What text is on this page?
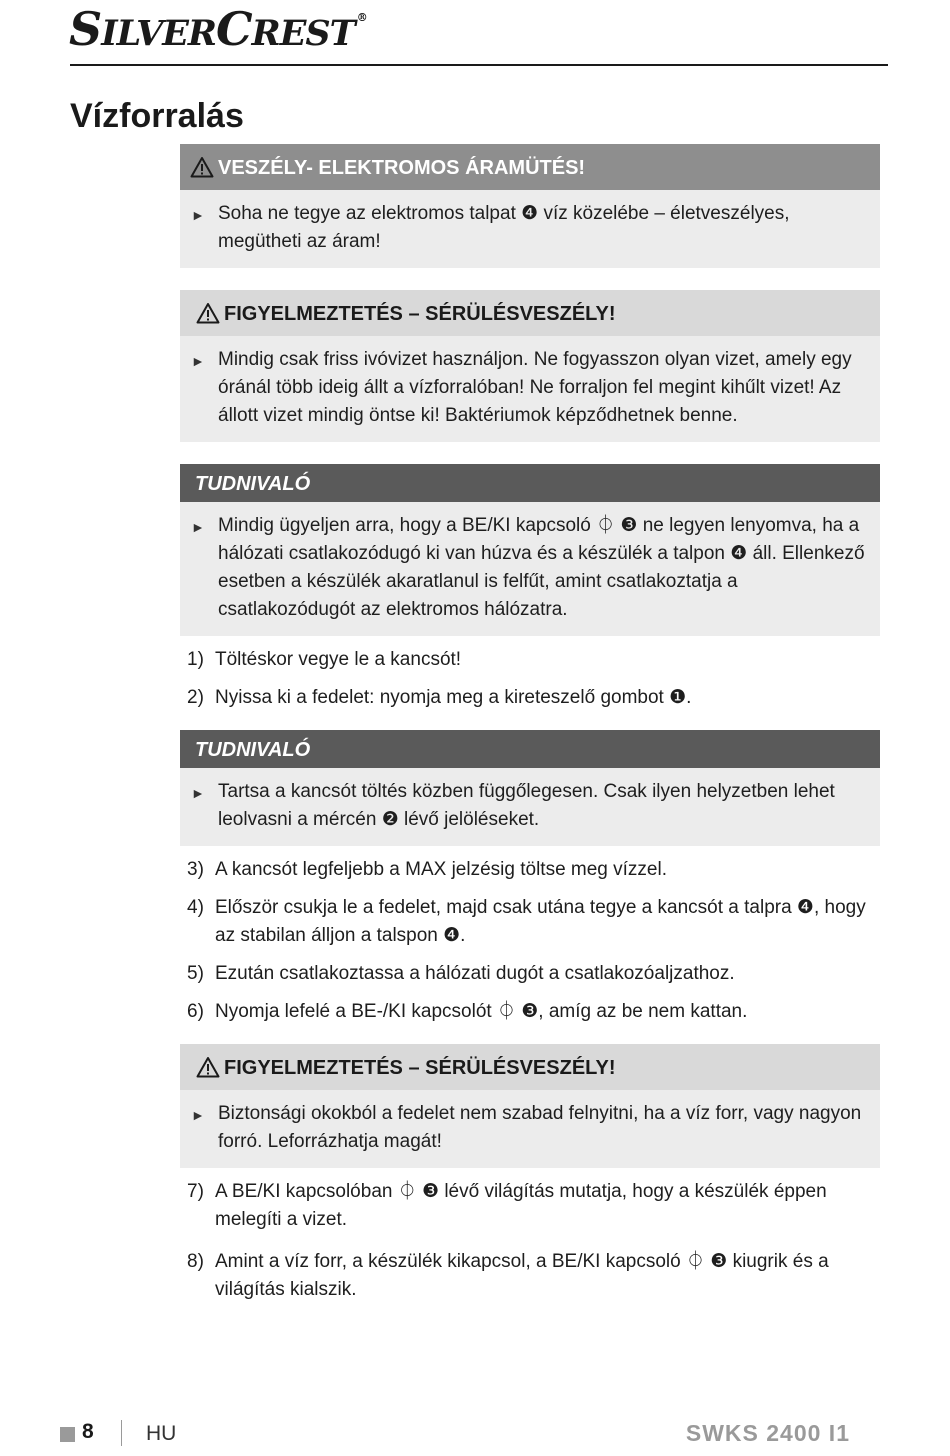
SILVERCREST ®
Vízforralás
VESZÉLY- ELEKTROMOS ÁRAMÜTÉS!
► Soha ne tegye az elektromos talpat ❹ víz közelébe – életveszélyes, megütheti az áram!
FIGYELMEZTETÉS – SÉRÜLÉSVESZÉLY!
► Mindig csak friss ivóvizet használjon. Ne fogyasszon olyan vizet, amely egy óránál több ideig állt a vízforralóban! Ne forraljon fel megint kihűlt vizet! Az állott vizet mindig öntse ki! Baktériumok képződhetnek benne.
TUDNIVALÓ
► Mindig ügyeljen arra, hogy a BE/KI kapcsoló ⏀ ❸ ne legyen lenyomva, ha a hálózati csatlakozódugó ki van húzva és a készülék a talpon ❹ áll. Ellenkező esetben a készülék akaratlanul is felfűt, amint csatlakoztatja a csatlakozódugót az elektromos hálózatra.
1) Töltéskor vegye le a kancsót!
2) Nyissa ki a fedelet: nyomja meg a kireteszelő gombot ❶.
TUDNIVALÓ
► Tartsa a kancsót töltés közben függőlegesen. Csak ilyen helyzetben lehet leolvasni a mércén ❷ lévő jelöléseket.
3) A kancsót legfeljebb a MAX jelzésig töltse meg vízzel.
4) Először csukja le a fedelet, majd csak utána tegye a kancsót a talpra ❹, hogy az stabilan álljon a talspon ❹.
5) Ezután csatlakoztassa a hálózati dugót a csatlakozóaljzathoz.
6) Nyomja lefelé a BE-/KI kapcsolót ⏀ ❸, amíg az be nem kattan.
FIGYELMEZTETÉS – SÉRÜLÉSVESZÉLY!
► Biztonsági okokból a fedelet nem szabad felnyitni, ha a víz forr, vagy nagyon forró. Leforrázhatja magát!
7) A BE/KI kapcsolóban ⏀ ❸ lévő világítás mutatja, hogy a készülék éppen melegíti a vizet.
8) Amint a víz forr, a készülék kikapcsol, a BE/KI kapcsoló ⏀ ❸ kiugrik és a világítás kialszik.
8 HU	SWKS 2400 I1
